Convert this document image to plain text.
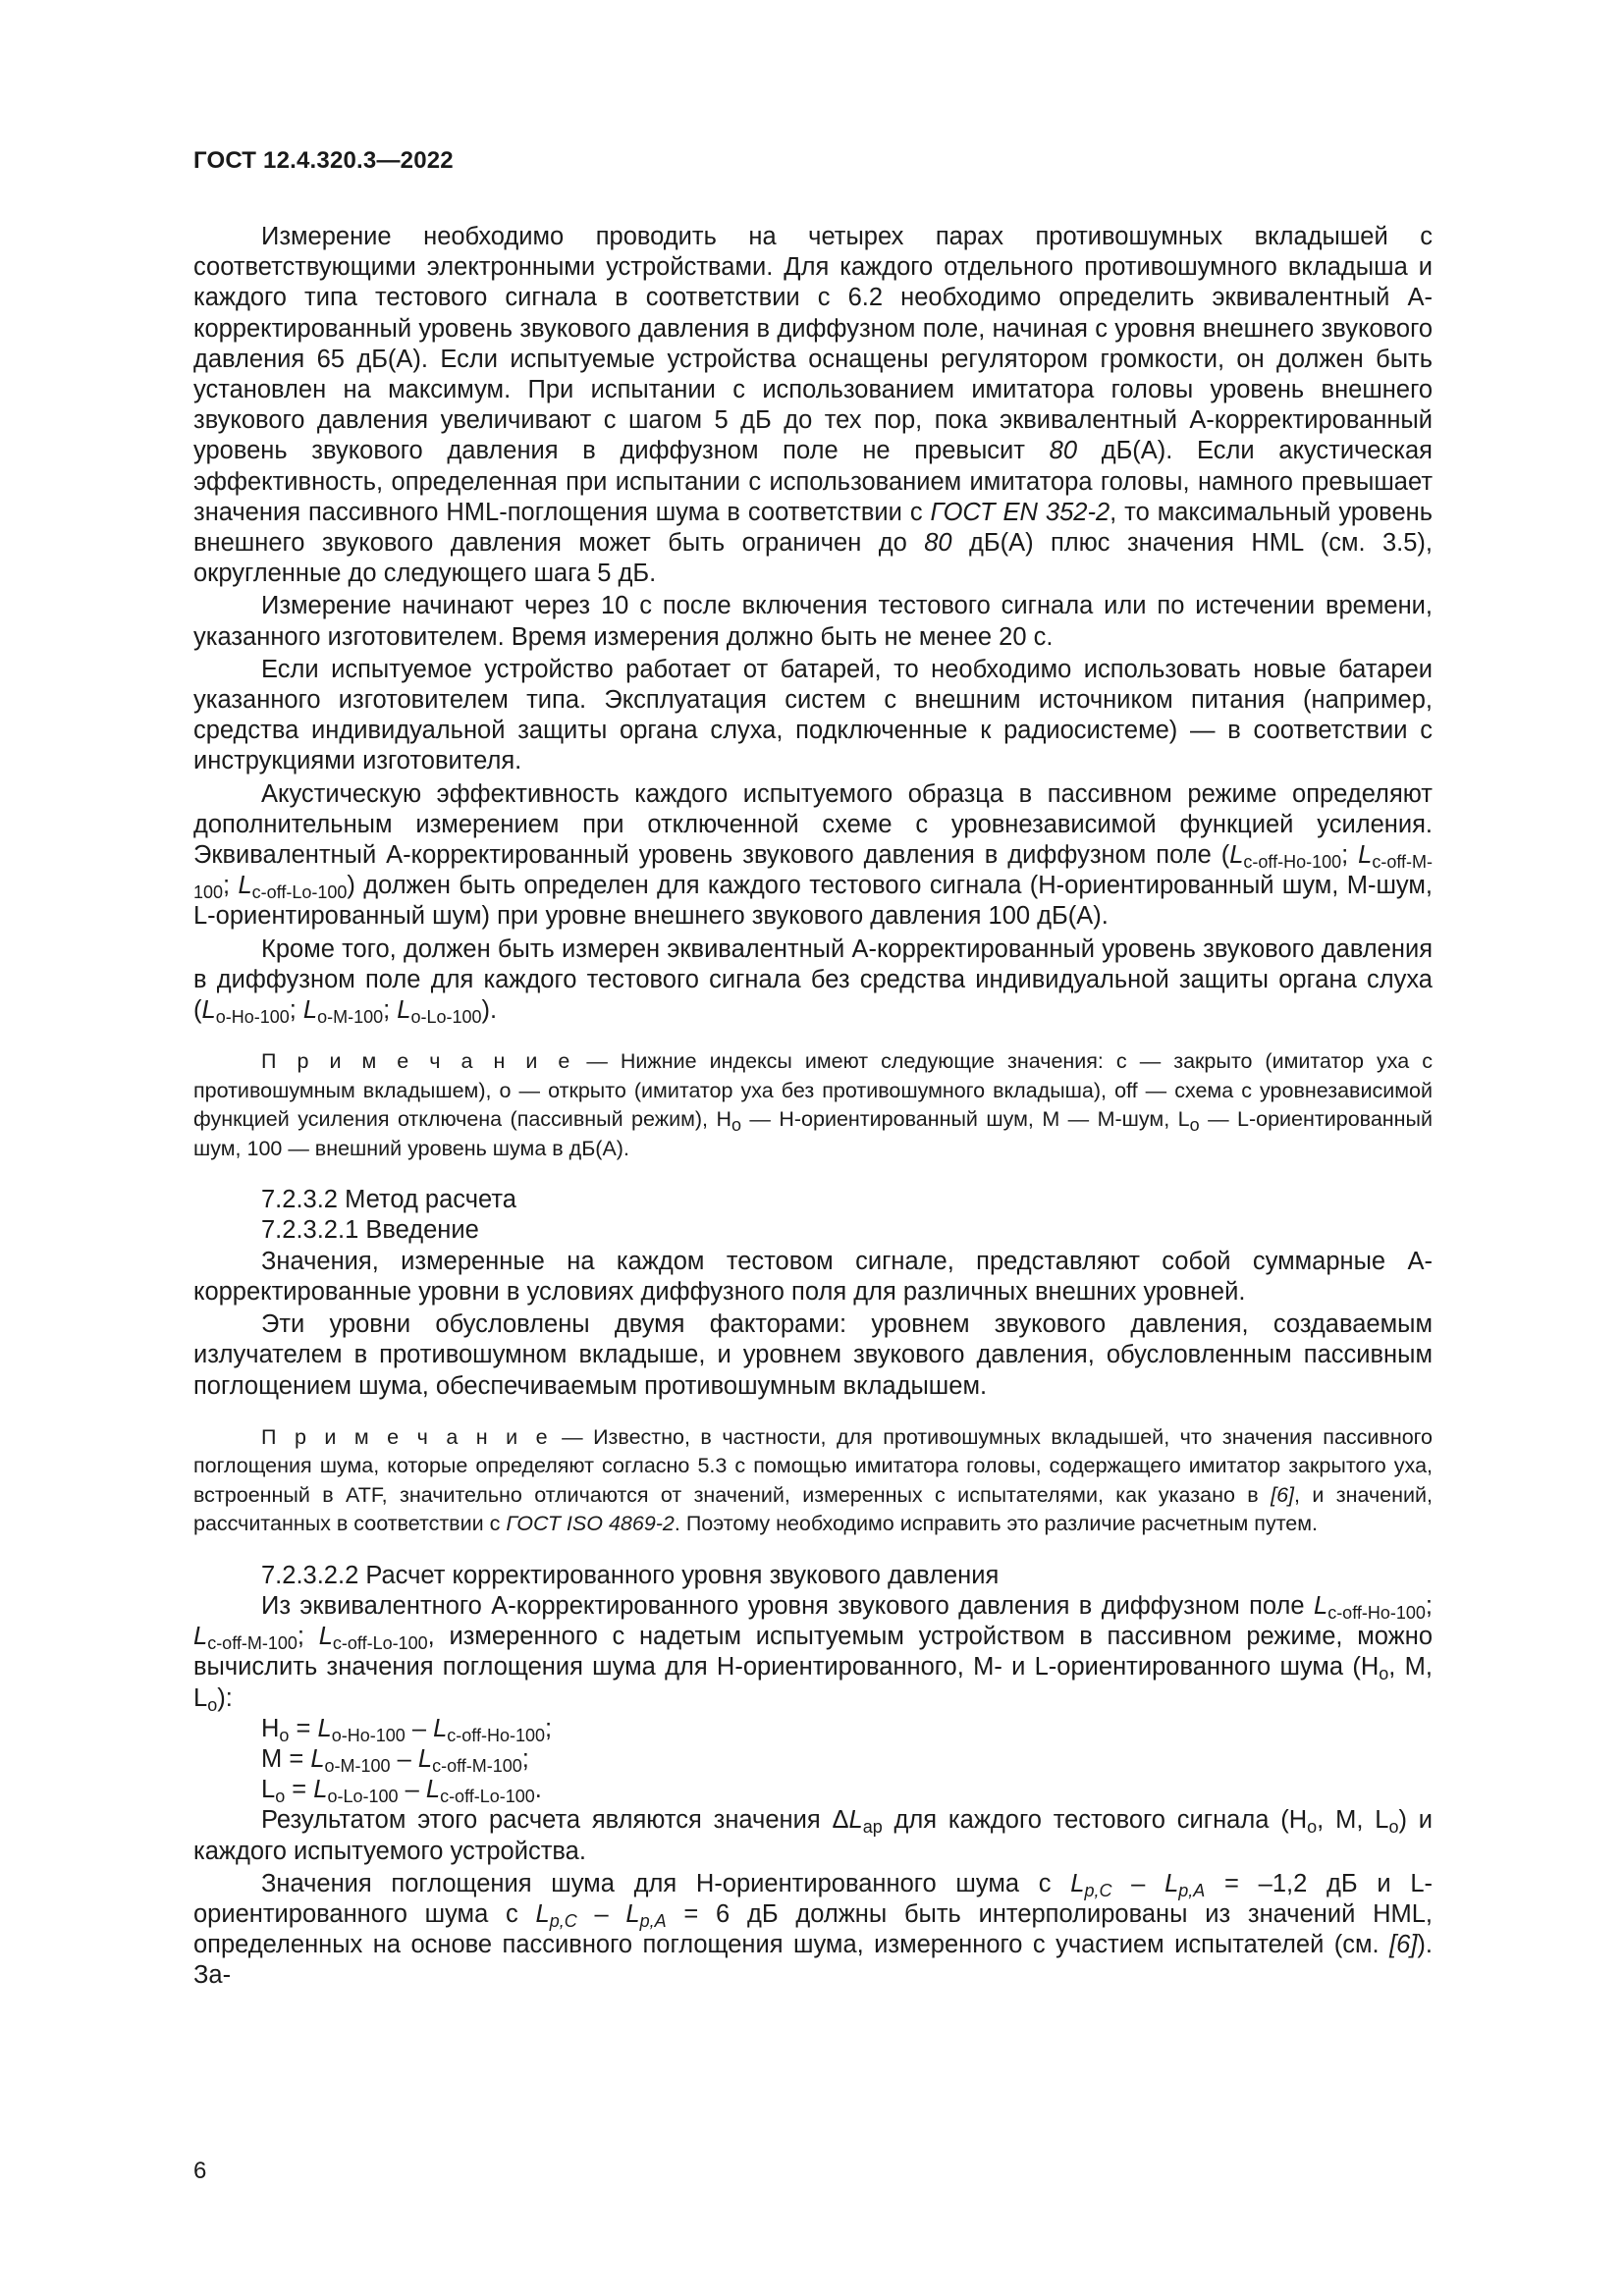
ГОСТ 12.4.320.3—2022

Измерение необходимо проводить на четырех парах противошумных вкладышей с соответствующими электронными устройствами. Для каждого отдельного противошумного вкладыша и каждого типа тестового сигнала в соответствии с 6.2 необходимо определить эквивалентный А-корректированный уровень звукового давления в диффузном поле, начиная с уровня внешнего звукового давления 65 дБ(А). Если испытуемые устройства оснащены регулятором громкости, он должен быть установлен на максимум. При испытании с использованием имитатора головы уровень внешнего звукового давления увеличивают с шагом 5 дБ до тех пор, пока эквивалентный А-корректированный уровень звукового давления в диффузном поле не превысит 80 дБ(А). Если акустическая эффективность, определенная при испытании с использованием имитатора головы, намного превышает значения пассивного HML-поглощения шума в соответствии с ГОСТ EN 352-2, то максимальный уровень внешнего звукового давления может быть ограничен до 80 дБ(А) плюс значения HML (см. 3.5), округленные до следующего шага 5 дБ.

Измерение начинают через 10 с после включения тестового сигнала или по истечении времени, указанного изготовителем. Время измерения должно быть не менее 20 с.

Если испытуемое устройство работает от батарей, то необходимо использовать новые батареи указанного изготовителем типа. Эксплуатация систем с внешним источником питания (например, средства индивидуальной защиты органа слуха, подключенные к радиосистеме) — в соответствии с инструкциями изготовителя.

Акустическую эффективность каждого испытуемого образца в пассивном режиме определяют дополнительным измерением при отключенной схеме с уровнезависимой функцией усиления. Эквивалентный А-корректированный уровень звукового давления в диффузном поле ($L_{c-off-Ho-100}$; $L_{c-off-M-100}$; $L_{c-off-Lo-100}$) должен быть определен для каждого тестового сигнала (Н-ориентированный шум, М-шум, L-ориентированный шум) при уровне внешнего звукового давления 100 дБ(А).

Кроме того, должен быть измерен эквивалентный А-корректированный уровень звукового давления в диффузном поле для каждого тестового сигнала без средства индивидуальной защиты органа слуха ($L_{o-Ho-100}$; $L_{o-M-100}$; $L_{o-Lo-100}$).

П р и м е ч а н и е — Нижние индексы имеют следующие значения: c — закрыто (имитатор уха с противошумным вкладышем), o — открыто (имитатор уха без противошумного вкладыша), off — схема с уровнезависимой функцией усиления отключена (пассивный режим), $H_o$ — Н-ориентированный шум, М — М-шум, $L_o$ — L-ориентированный шум, 100 — внешний уровень шума в дБ(А).

7.2.3.2 Метод расчета

7.2.3.2.1 Введение

Значения, измеренные на каждом тестовом сигнале, представляют собой суммарные А-корректированные уровни в условиях диффузного поля для различных внешних уровней.

Эти уровни обусловлены двумя факторами: уровнем звукового давления, создаваемым излучателем в противошумном вкладыше, и уровнем звукового давления, обусловленным пассивным поглощением шума, обеспечиваемым противошумным вкладышем.

П р и м е ч а н и е — Известно, в частности, для противошумных вкладышей, что значения пассивного поглощения шума, которые определяют согласно 5.3 с помощью имитатора головы, содержащего имитатор закрытого уха, встроенный в ATF, значительно отличаются от значений, измеренных с испытателями, как указано в [6], и значений, рассчитанных в соответствии с ГОСТ ISO 4869-2. Поэтому необходимо исправить это различие расчетным путем.

7.2.3.2.2 Расчет корректированного уровня звукового давления

Из эквивалентного А-корректированного уровня звукового давления в диффузном поле $L_{c-off-Ho-100}$; $L_{c-off-M-100}$; $L_{c-off-Lo-100}$, измеренного с надетым испытуемым устройством в пассивном режиме, можно вычислить значения поглощения шума для Н-ориентированного, М- и L-ориентированного шума ($H_o$, M, $L_o$):

$H_o = L_{o-Ho-100} - L_{c-off-Ho-100}$;

$M = L_{o-M-100} - L_{c-off-M-100}$;

$L_o = L_{o-Lo-100} - L_{c-off-Lo-100}$.

Результатом этого расчета являются значения $\Delta L_{ap}$ для каждого тестового сигнала ($H_o$, M, $L_o$) и каждого испытуемого устройства.

Значения поглощения шума для Н-ориентированного шума с $L_{p,C} - L_{p,A} = -1,2$ дБ и L-ориентированного шума с $L_{p,C} - L_{p,A} = 6$ дБ должны быть интерполированы из значений HML, определенных на основе пассивного поглощения шума, измеренного с участием испытателей (см. [6]). За-

6
